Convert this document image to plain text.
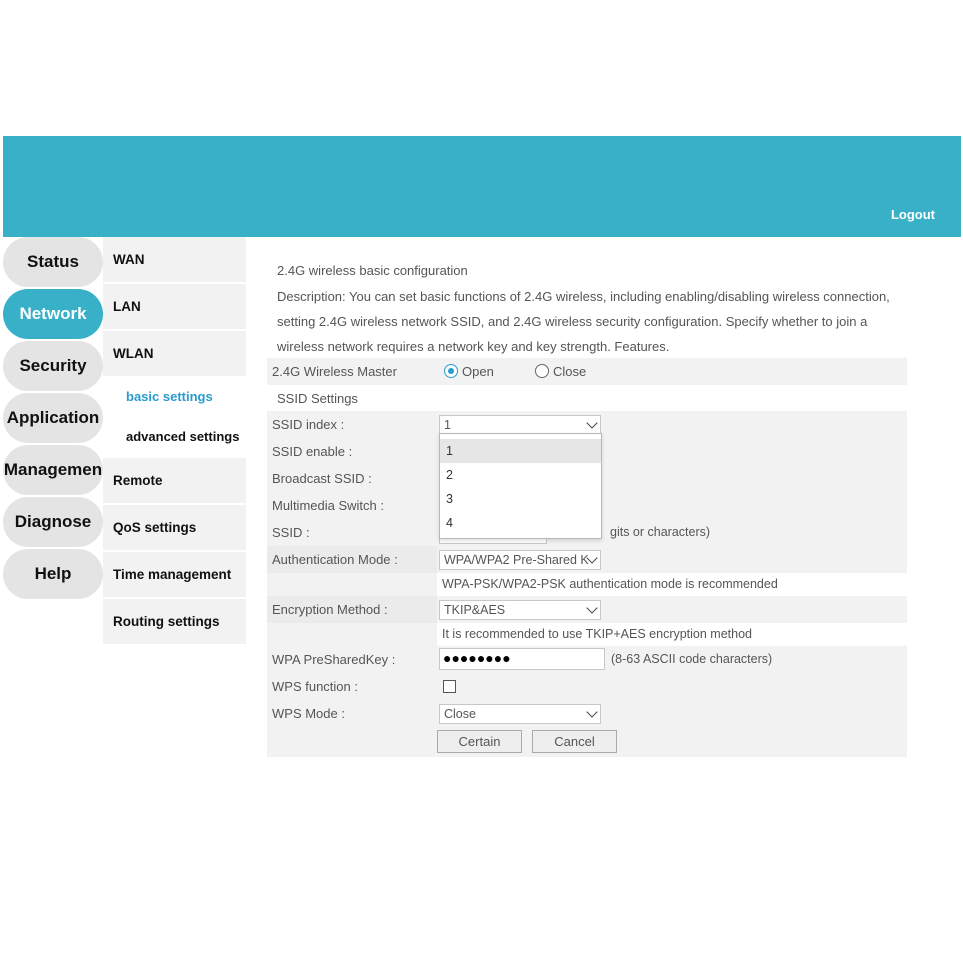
Logout
Status
Network
Security
Application
Managemen
Diagnose
Help
WAN
LAN
WLAN
basic settings
advanced settings
Remote
QoS settings
Time management
Routing settings
2.4G wireless basic configuration
Description: You can set basic functions of 2.4G wireless, including enabling/disabling wireless connection, setting 2.4G wireless network SSID, and 2.4G wireless security configuration. Specify whether to join a wireless network requires a network key and key strength. Features.
2.4G Wireless Master	Open	Close
SSID Settings
SSID index :	1
SSID enable :
Broadcast SSID :
Multimedia Switch :
SSID :	gits or characters)
Authentication Mode :	WPA/WPA2 Pre-Shared K
WPA-PSK/WPA2-PSK authentication mode is recommended
Encryption Method :	TKIP&AES
It is recommended to use TKIP+AES encryption method
WPA PreSharedKey :	●●●●●●●●	(8-63 ASCII code characters)
WPS function :
WPS Mode :	Close
Certain	Cancel
1
2
3
4
